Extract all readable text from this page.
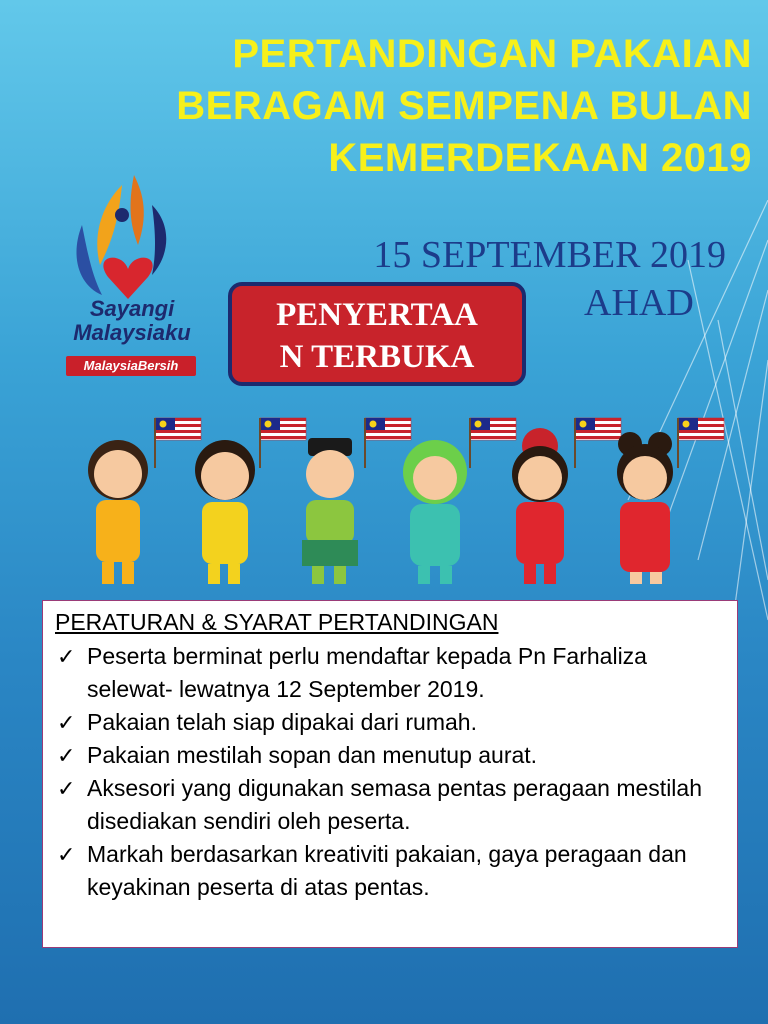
PERTANDINGAN PAKAIAN
BERAGAM SEMPENA BULAN
KEMERDEKAAN 2019
15 SEPTEMBER 2019
AHAD
Sayangi
Malaysiaku
MalaysiaBersih
PENYERTAA
N TERBUKA
PERATURAN & SYARAT PERTANDINGAN
✓ Peserta berminat perlu mendaftar kepada Pn Farhaliza selewat- lewatnya 12 September 2019.
✓ Pakaian telah siap dipakai dari rumah.
✓ Pakaian mestilah sopan dan menutup aurat.
✓ Aksesori yang digunakan semasa pentas peragaan mestilah disediakan sendiri oleh peserta.
✓ Markah berdasarkan kreativiti pakaian, gaya peragaan dan keyakinan peserta di atas pentas.
